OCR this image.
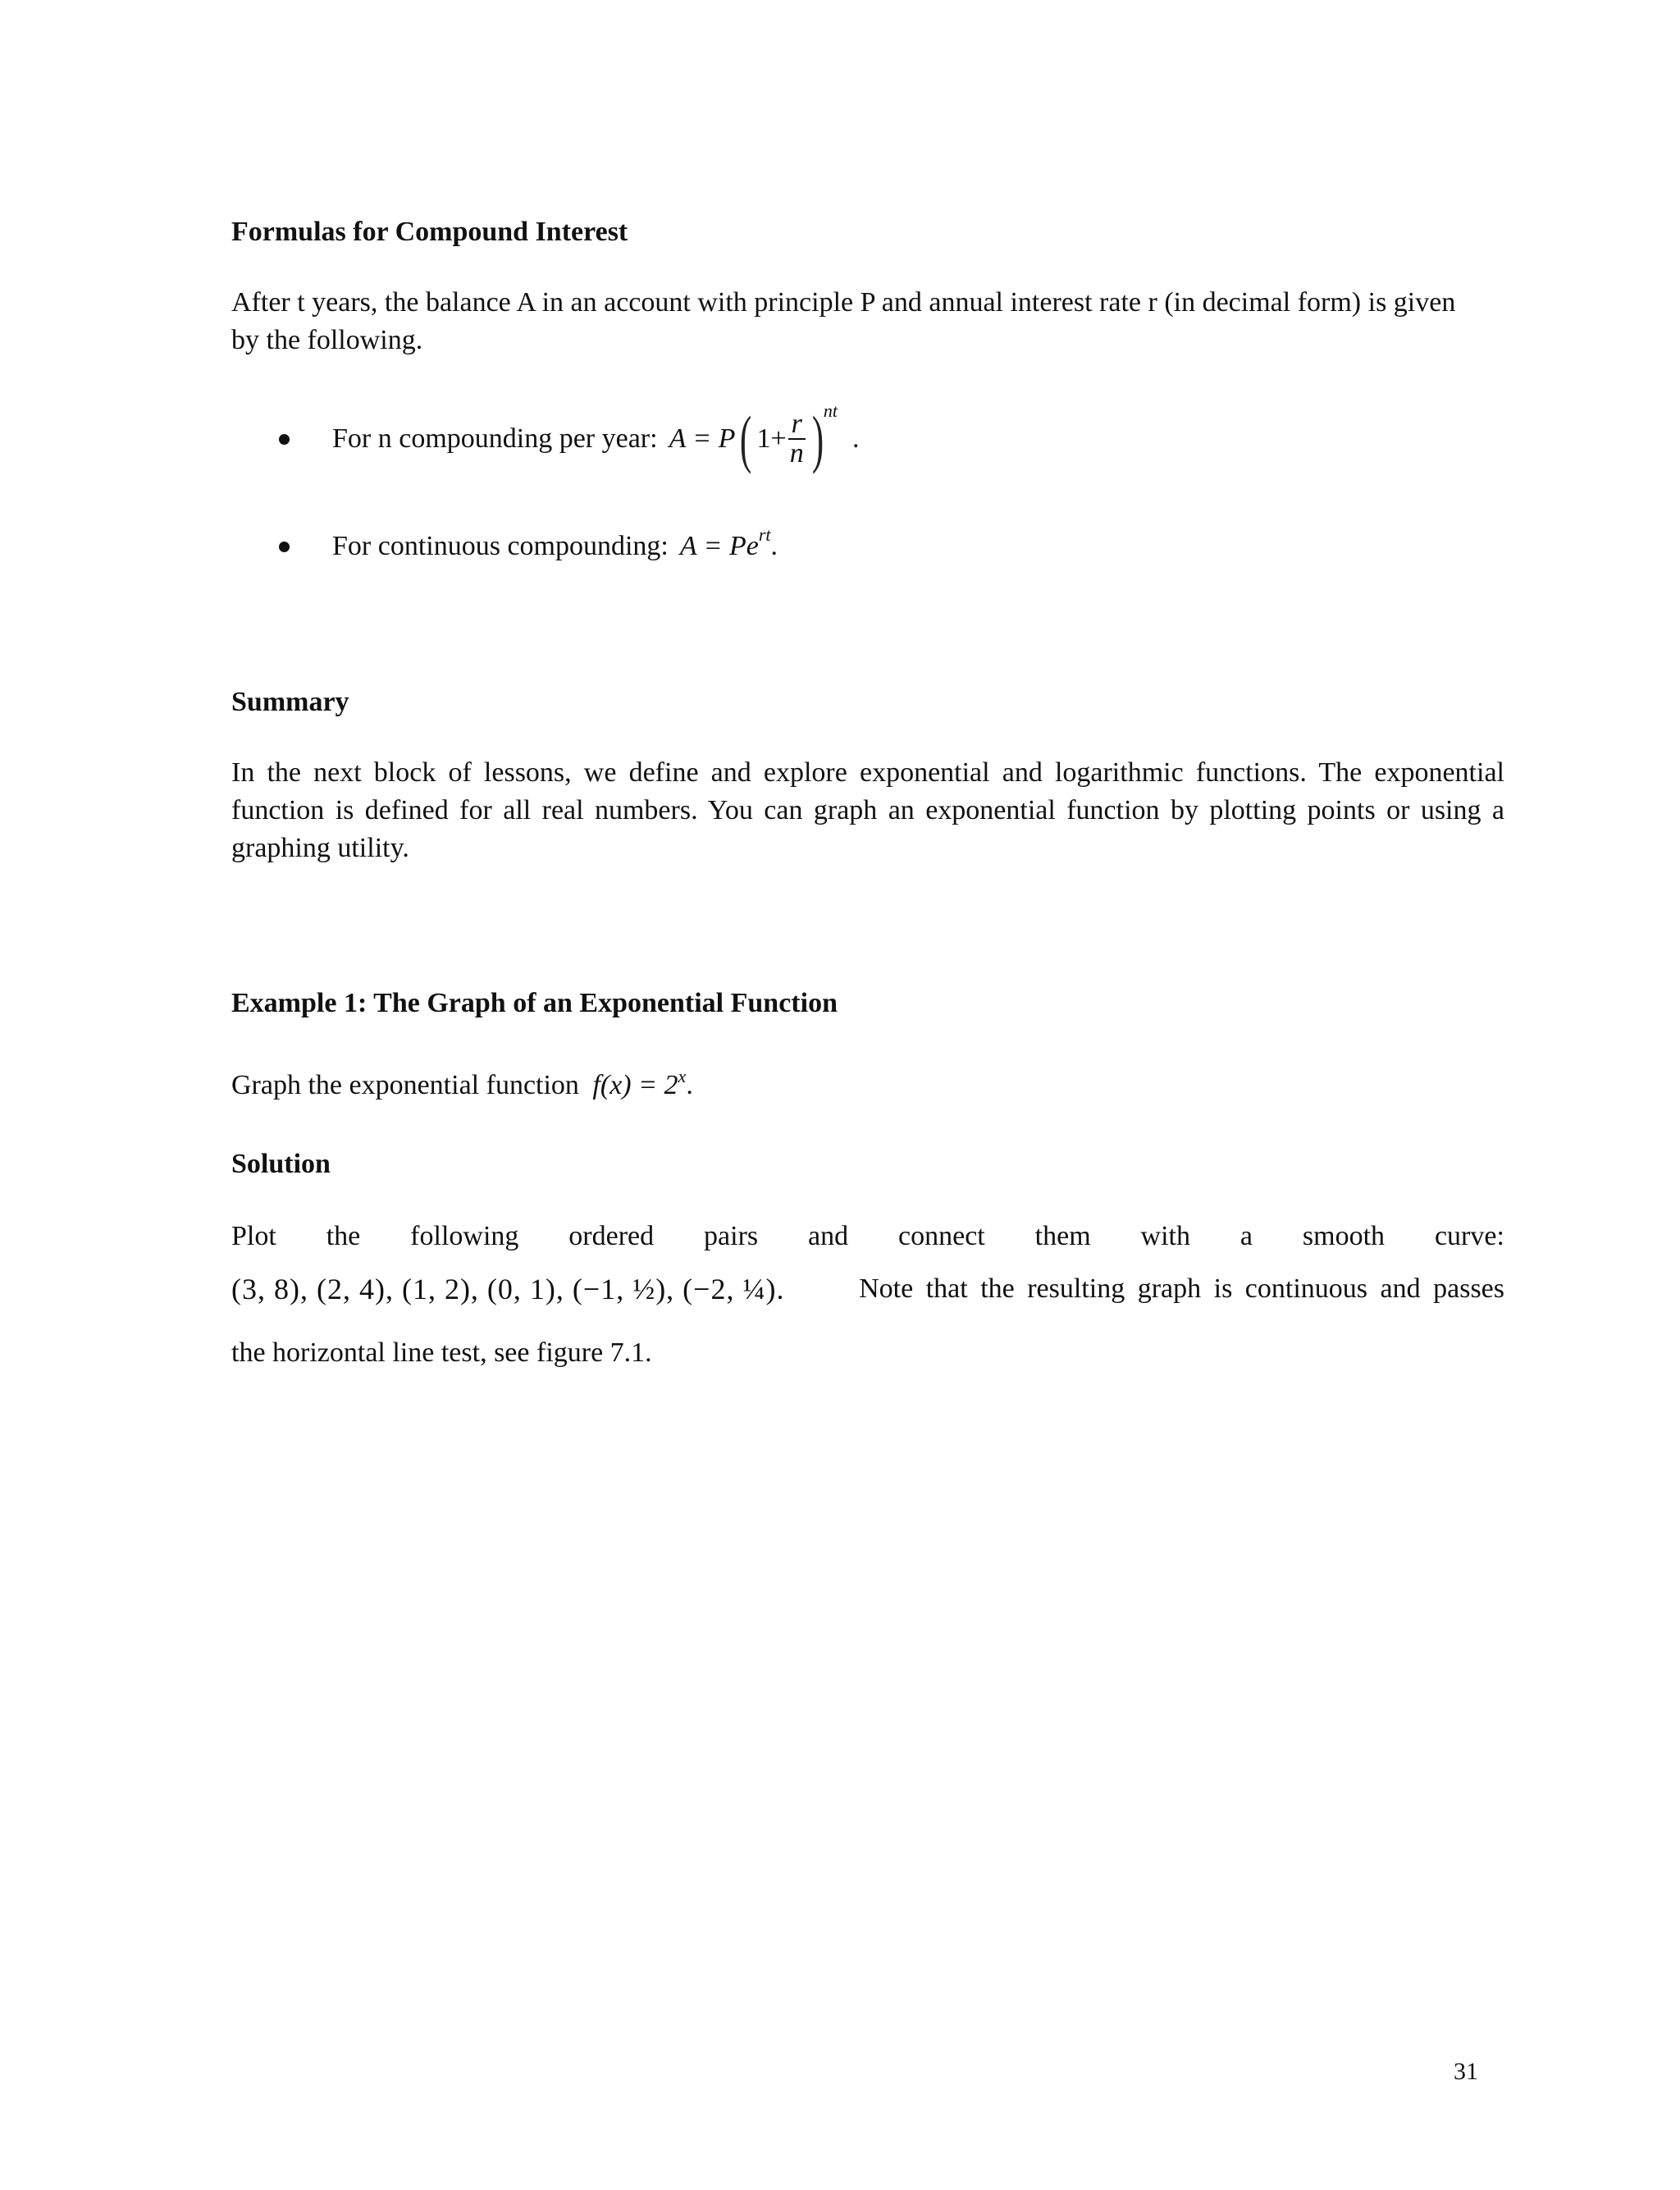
Formulas for Compound Interest
After t years, the balance A in an account with principle P and annual interest rate r (in decimal form) is given
by the following.
For n compounding per year: A = P ( $1+ \frac{r}{n}$ ) nt
.
For continuous compounding: A = Pe rt .
Summary
In the next block of lessons, we define and explore exponential and logarithmic functions. The exponential function is defined for all real numbers. You can graph an exponential function by plotting points or using a graphing utility.
Example 1: The Graph of an Exponential Function
Graph the exponential function $f(x) = 2^x$.
Solution
Plot the following ordered pairs and connect them with a smooth curve:
(3, 8), (2, 4), (1, 2), (0, 1), (−1, ½), (−2, ¼).	Note that the resulting graph is continuous and passes
the horizontal line test, see figure 7.1.
31
